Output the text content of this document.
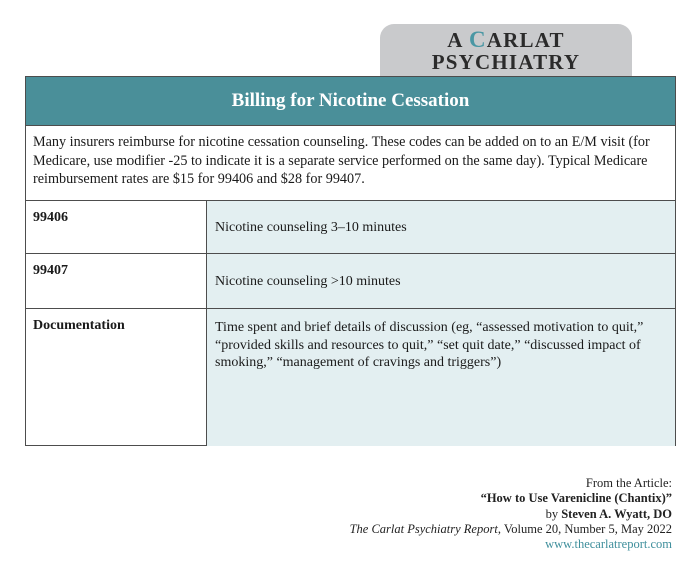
A CARLAT PSYCHIATRY
Billing for Nicotine Cessation
Many insurers reimburse for nicotine cessation counseling. These codes can be added on to an E/M visit (for Medicare, use modifier -25 to indicate it is a separate service performed on the same day). Typical Medicare reimbursement rates are $15 for 99406 and $28 for 99407.
99406
Nicotine counseling 3–10 minutes
99407
Nicotine counseling >10 minutes
Documentation	Time spent and brief details of discussion (eg, “assessed motivation to quit,” “provided skills and resources to quit,” “set quit date,” “discussed impact of smoking,” “management of cravings and triggers”)
From the Article:
“How to Use Varenicline (Chantix)”
by Steven A. Wyatt, DO
The Carlat Psychiatry Report, Volume 20, Number 5, May 2022
www.thecarlatreport.com
